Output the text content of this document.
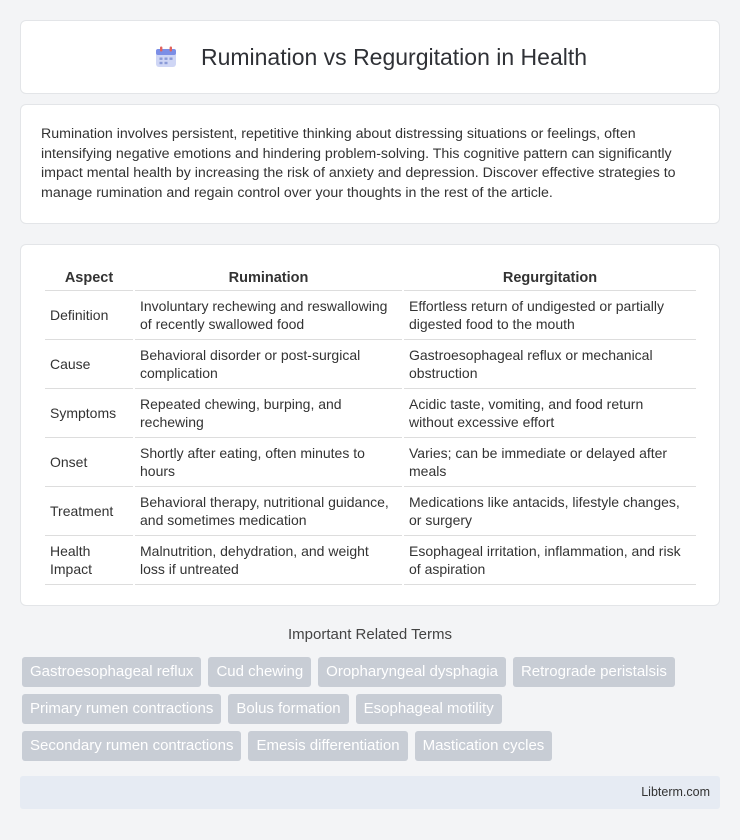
Rumination vs Regurgitation in Health

Rumination involves persistent, repetitive thinking about distressing situations or feelings, often intensifying negative emotions and hindering problem-solving. This cognitive pattern can significantly impact mental health by increasing the risk of anxiety and depression. Discover effective strategies to manage rumination and regain control over your thoughts in the rest of the article.

Aspect	Rumination	Regurgitation
Definition	Involuntary rechewing and reswallowing of recently swallowed food	Effortless return of undigested or partially digested food to the mouth
Cause	Behavioral disorder or post-surgical complication	Gastroesophageal reflux or mechanical obstruction
Symptoms	Repeated chewing, burping, and rechewing	Acidic taste, vomiting, and food return without excessive effort
Onset	Shortly after eating, often minutes to hours	Varies; can be immediate or delayed after meals
Treatment	Behavioral therapy, nutritional guidance, and sometimes medication	Medications like antacids, lifestyle changes, or surgery
Health Impact	Malnutrition, dehydration, and weight loss if untreated	Esophageal irritation, inflammation, and risk of aspiration
Important Related Terms
Gastroesophageal reflux	Cud chewing	Oropharyngeal dysphagia	Retrograde peristalsis
Primary rumen contractions	Bolus formation	Esophageal motility
Secondary rumen contractions	Emesis differentiation	Mastication cycles
Libterm.com
